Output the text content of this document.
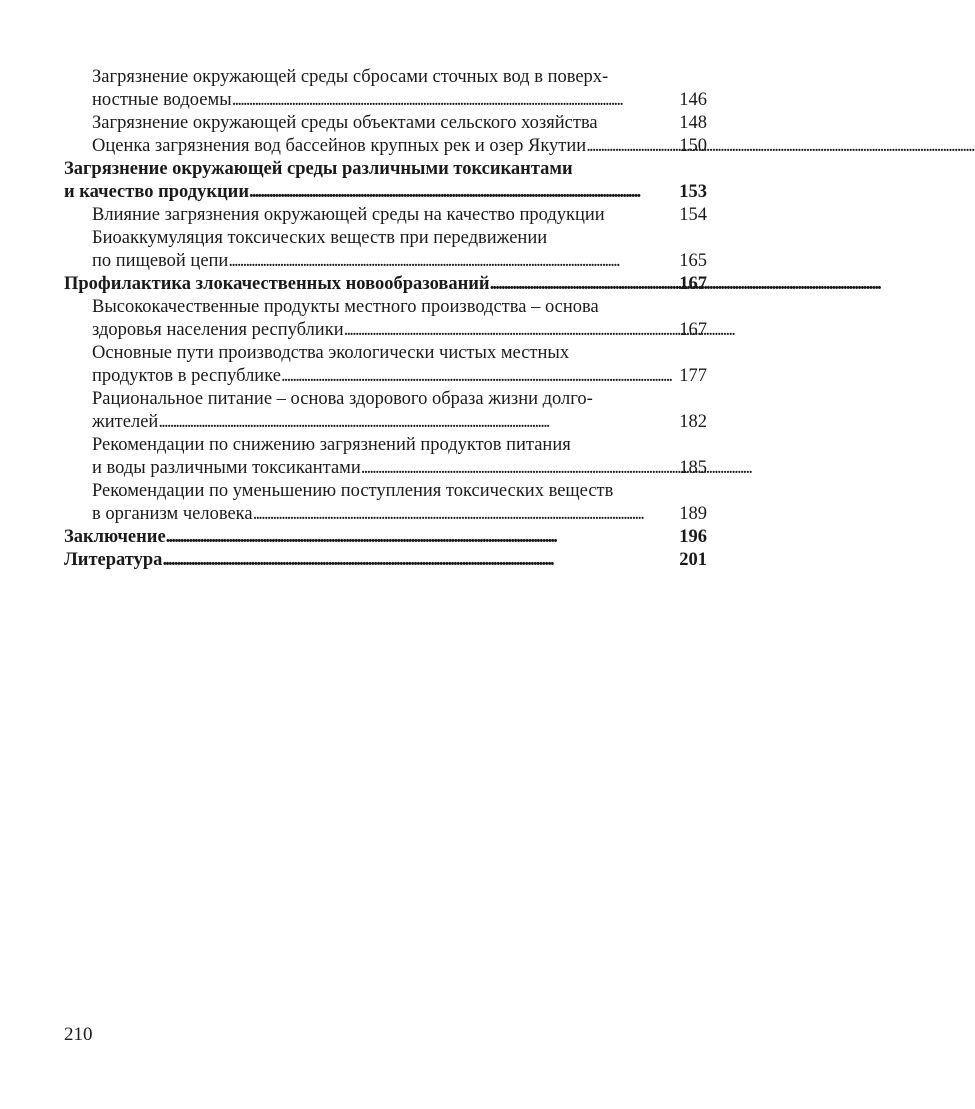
Загрязнение окружающей среды сбросами сточных вод в поверх-
ностные водоемы . . .	146
Загрязнение окружающей среды объектами сельского хозяйства	148
Оценка загрязнения вод бассейнов крупных рек и озер Якутии . . .	150
Загрязнение окружающей среды различными токсикантами
и качество продукции . . .	153
Влияние загрязнения окружающей среды на качество продукции	154
Биоаккумуляция токсических веществ при передвижении
по пищевой цепи . . .	165
Профилактика злокачественных новообразований . . .	167
Высококачественные продукты местного производства – основа
здоровья населения республики . . .	167
Основные пути производства экологически чистых местных
продуктов в республике . . .	177
Рациональное питание – основа здорового образа жизни долго-
жителей . . .	182
Рекомендации по снижению загрязнений продуктов питания
и воды различными токсикантами . . .	185
Рекомендации по уменьшению поступления токсических веществ
в организм человека . . .	189
Заключение . . .	196
Литература . . .	201
210
